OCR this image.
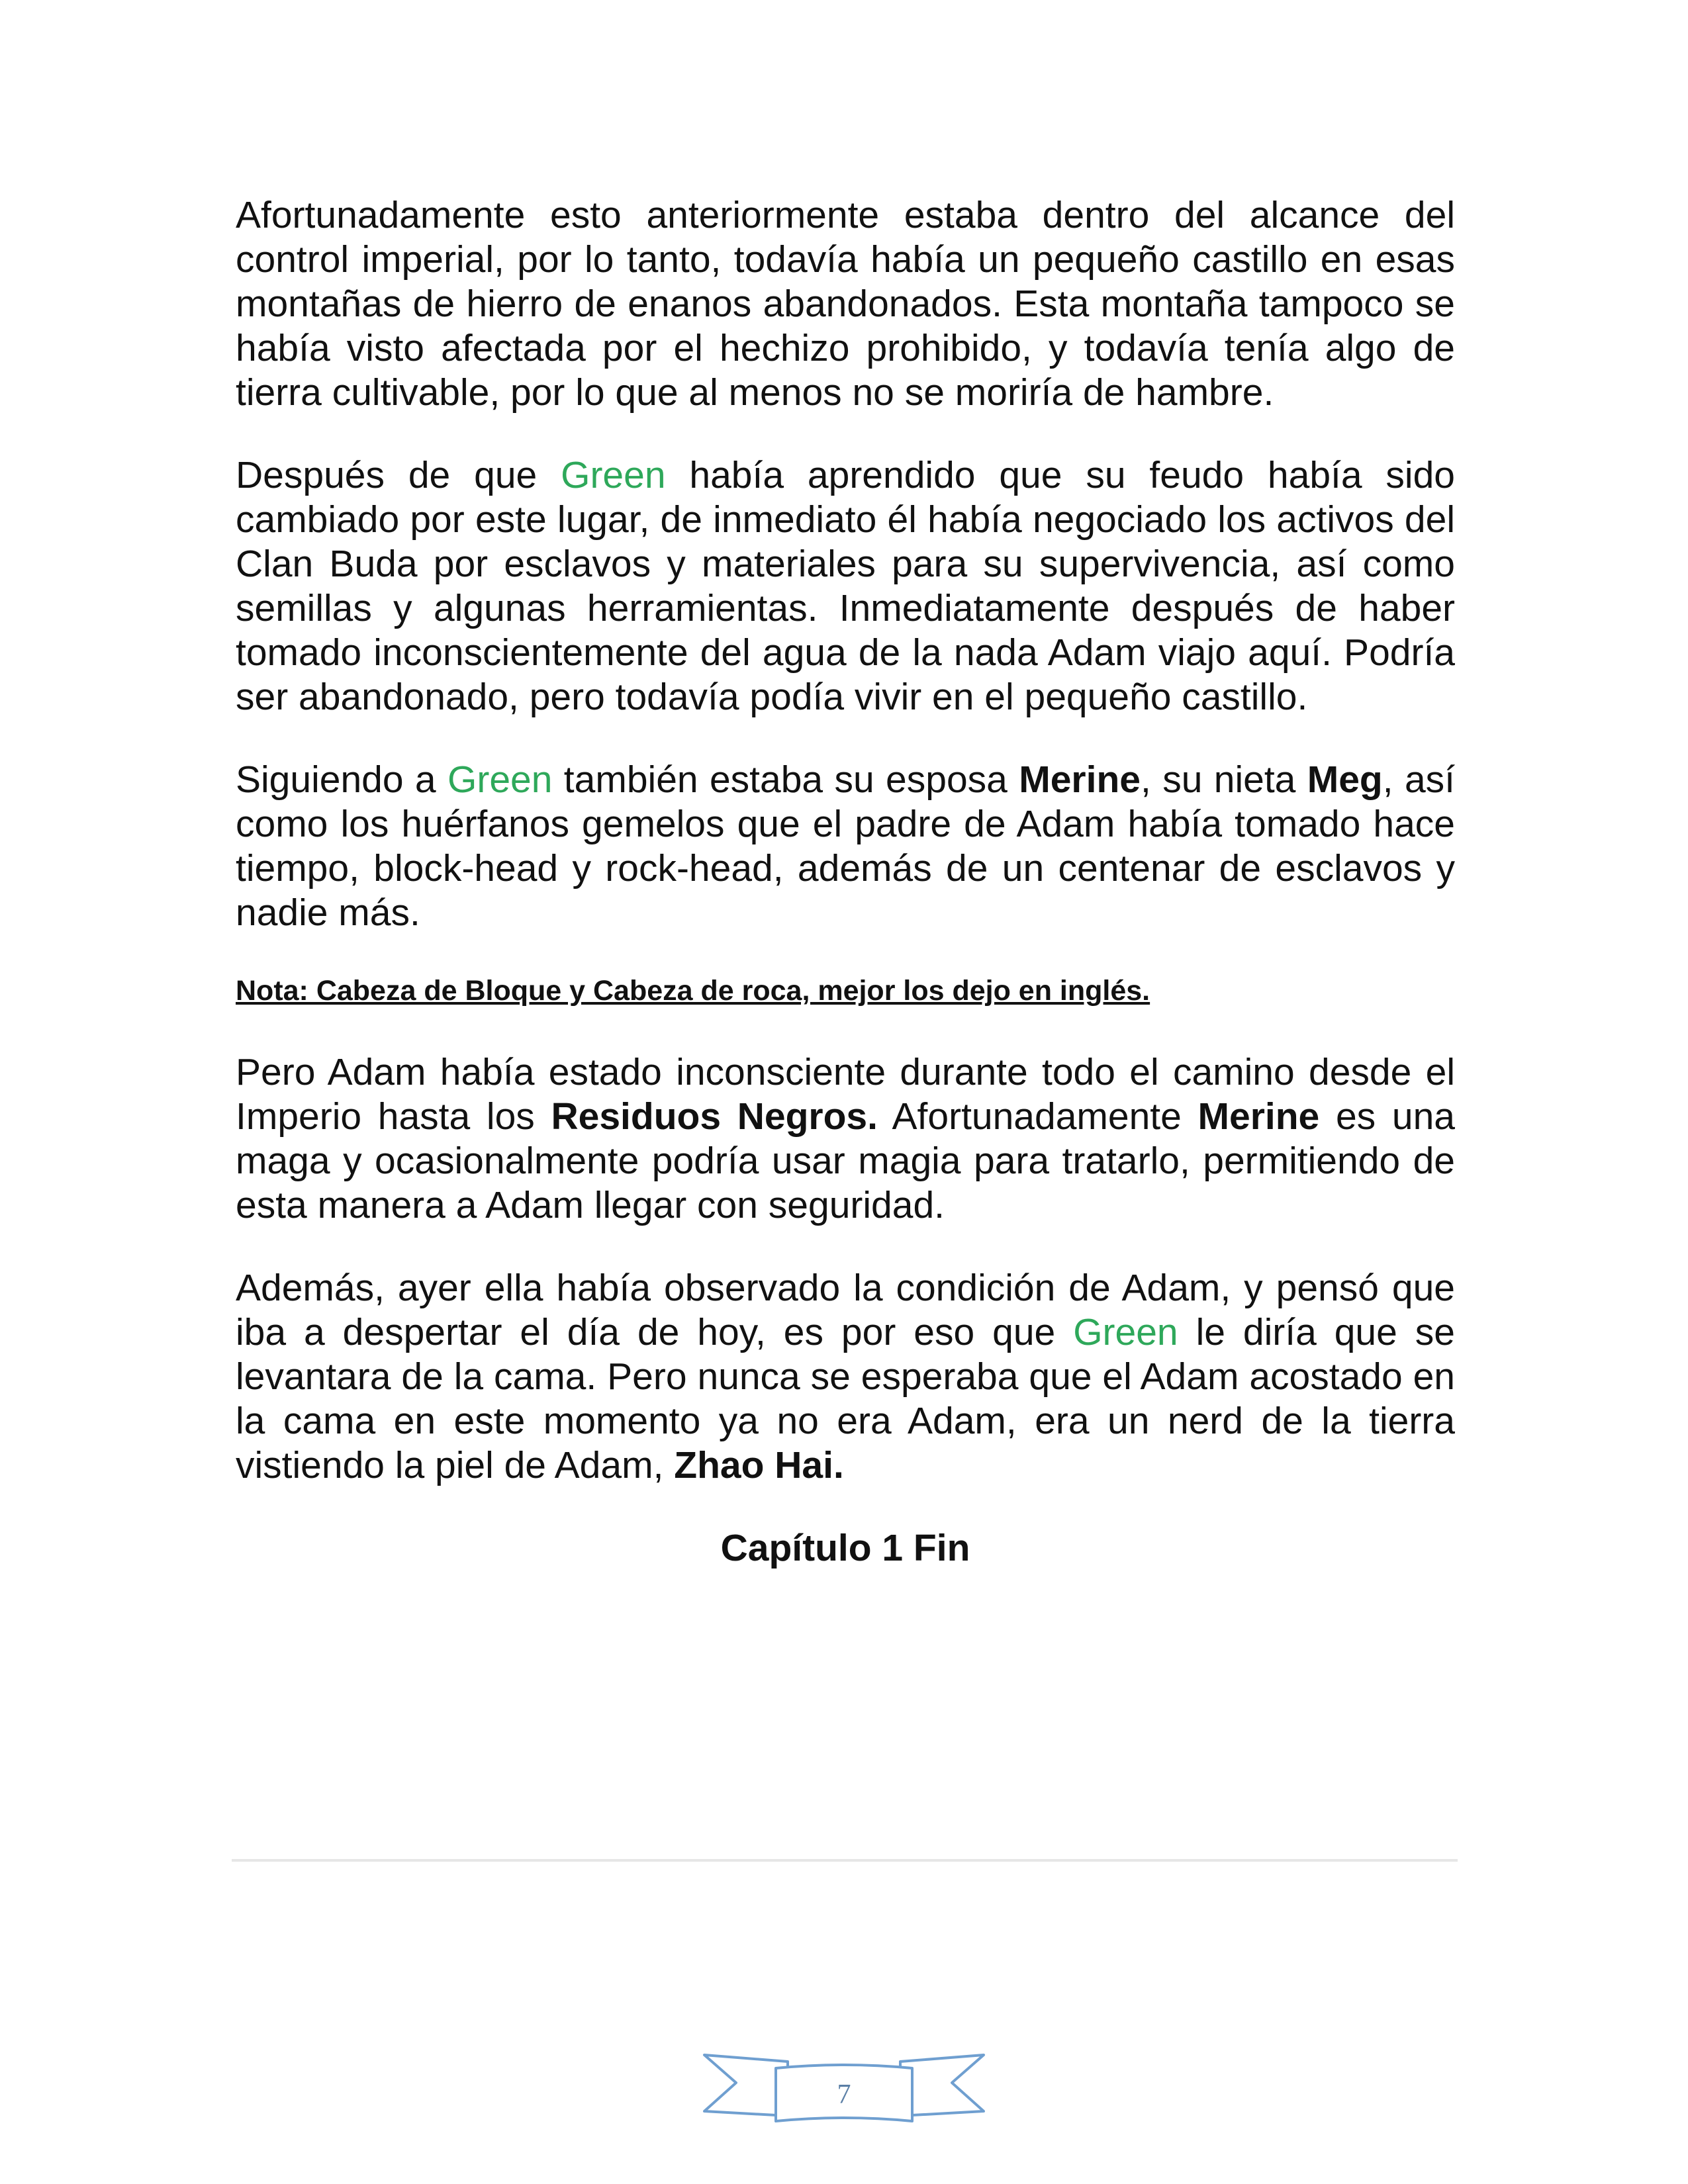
Afortunadamente esto anteriormente estaba dentro del alcance del control imperial, por lo tanto, todavía había un pequeño castillo en esas montañas de hierro de enanos abandonados. Esta montaña tampoco se había visto afectada por el hechizo prohibido, y todavía tenía algo de tierra cultivable, por lo que al menos no se moriría de hambre.

Después de que Green había aprendido que su feudo había sido cambiado por este lugar, de inmediato él había negociado los activos del Clan Buda por esclavos y materiales para su supervivencia, así como semillas y algunas herramientas. Inmediatamente después de haber tomado inconscientemente del agua de la nada Adam viajo aquí. Podría ser abandonado, pero todavía podía vivir en el pequeño castillo.

Siguiendo a Green también estaba su esposa Merine, su nieta Meg, así como los huérfanos gemelos que el padre de Adam había tomado hace tiempo, block-head y rock-head, además de un centenar de esclavos y nadie más.

Nota: Cabeza de Bloque y Cabeza de roca, mejor los dejo en inglés.

Pero Adam había estado inconsciente durante todo el camino desde el Imperio hasta los Residuos Negros. Afortunadamente Merine es una maga y ocasionalmente podría usar magia para tratarlo, permitiendo de esta manera a Adam llegar con seguridad.

Además, ayer ella había observado la condición de Adam, y pensó que iba a despertar el día de hoy, es por eso que Green le diría que se levantara de la cama. Pero nunca se esperaba que el Adam acostado en la cama en este momento ya no era Adam, era un nerd de la tierra vistiendo la piel de Adam, Zhao Hai.

Capítulo 1 Fin

7
